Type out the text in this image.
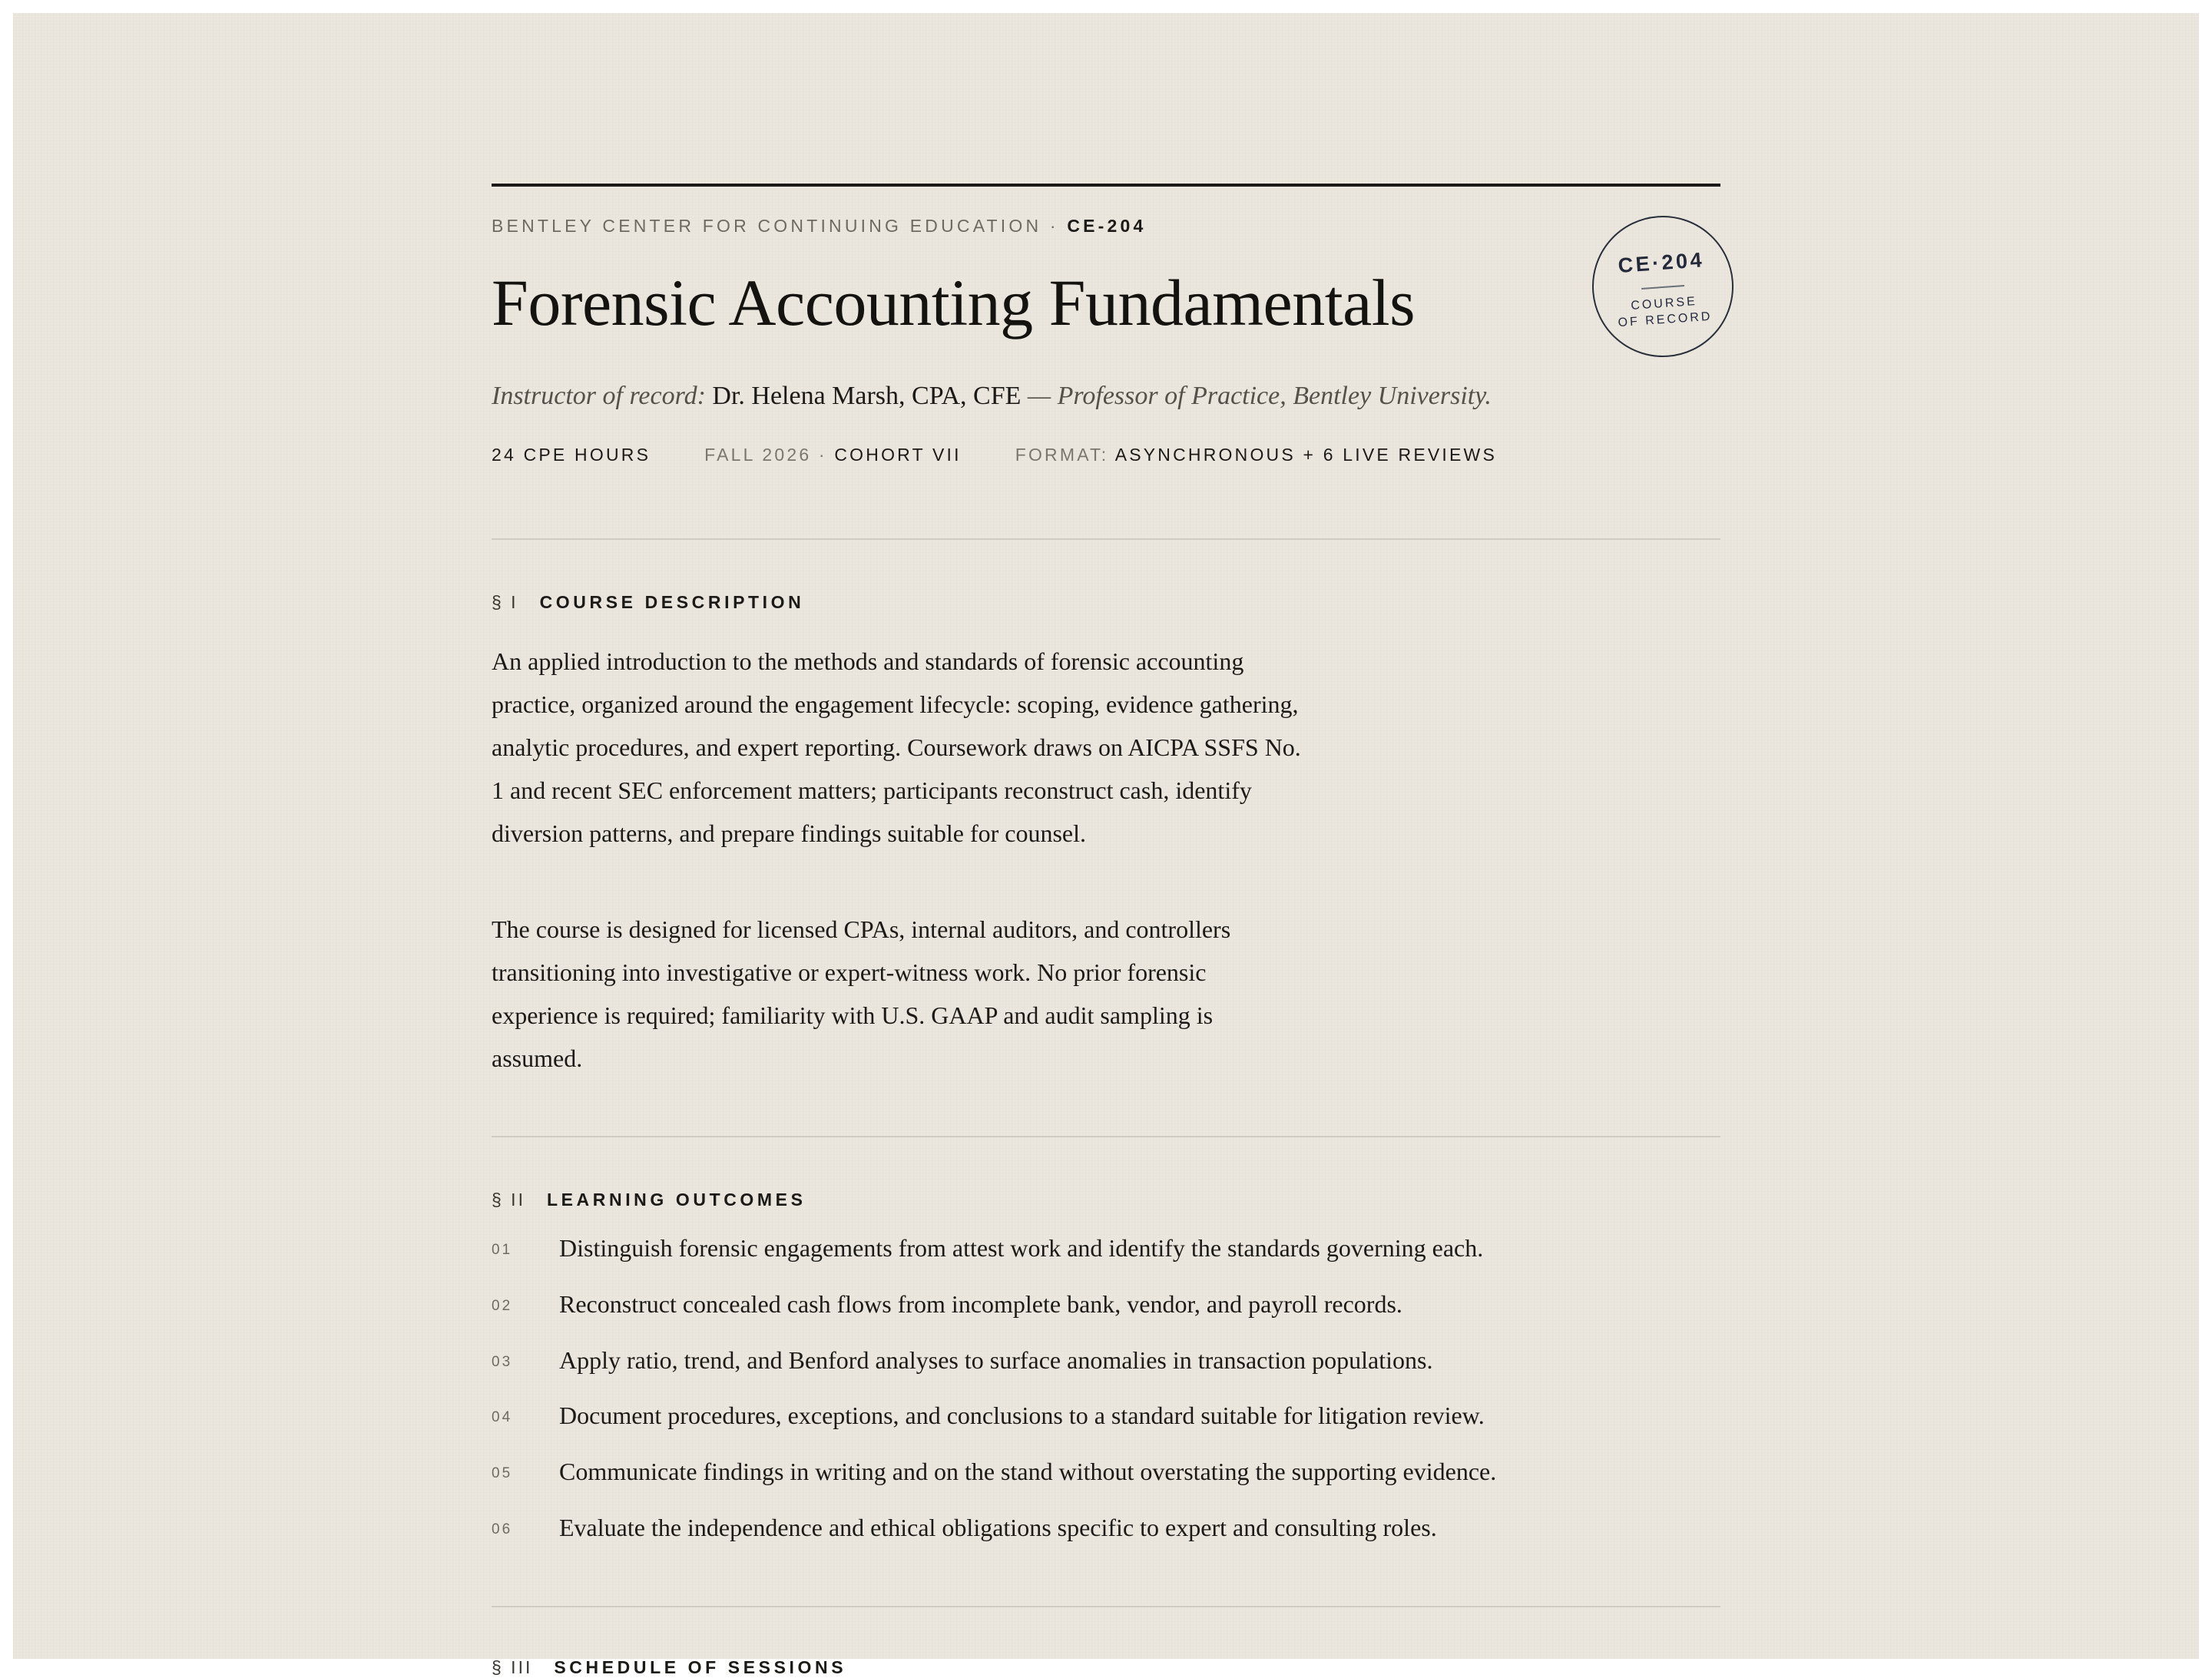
BENTLEY CENTER FOR CONTINUING EDUCATION · CE-204
Forensic Accounting Fundamentals
Instructor of record: Dr. Helena Marsh, CPA, CFE — Professor of Practice, Bentley University.
24 CPE HOURS	FALL 2026 · COHORT VII	FORMAT: ASYNCHRONOUS + 6 LIVE REVIEWS
CE·204
COURSE
OF RECORD
§ I COURSE DESCRIPTION

An applied introduction to the methods and standards of forensic accounting practice, organized around the engagement lifecycle: scoping, evidence gathering, analytic procedures, and expert reporting. Coursework draws on AICPA SSFS No. 1 and recent SEC enforcement matters; participants reconstruct cash, identify diversion patterns, and prepare findings suitable for counsel.

The course is designed for licensed CPAs, internal auditors, and controllers transitioning into investigative or expert-witness work. No prior forensic experience is required; familiarity with U.S. GAAP and audit sampling is assumed.

§ II LEARNING OUTCOMES
01 Distinguish forensic engagements from attest work and identify the standards governing each.
02 Reconstruct concealed cash flows from incomplete bank, vendor, and payroll records.
03 Apply ratio, trend, and Benford analyses to surface anomalies in transaction populations.
04 Document procedures, exceptions, and conclusions to a standard suitable for litigation review.
05 Communicate findings in writing and on the stand without overstating the supporting evidence.
06 Evaluate the independence and ethical obligations specific to expert and consulting roles.
§ III SCHEDULE OF SESSIONS
